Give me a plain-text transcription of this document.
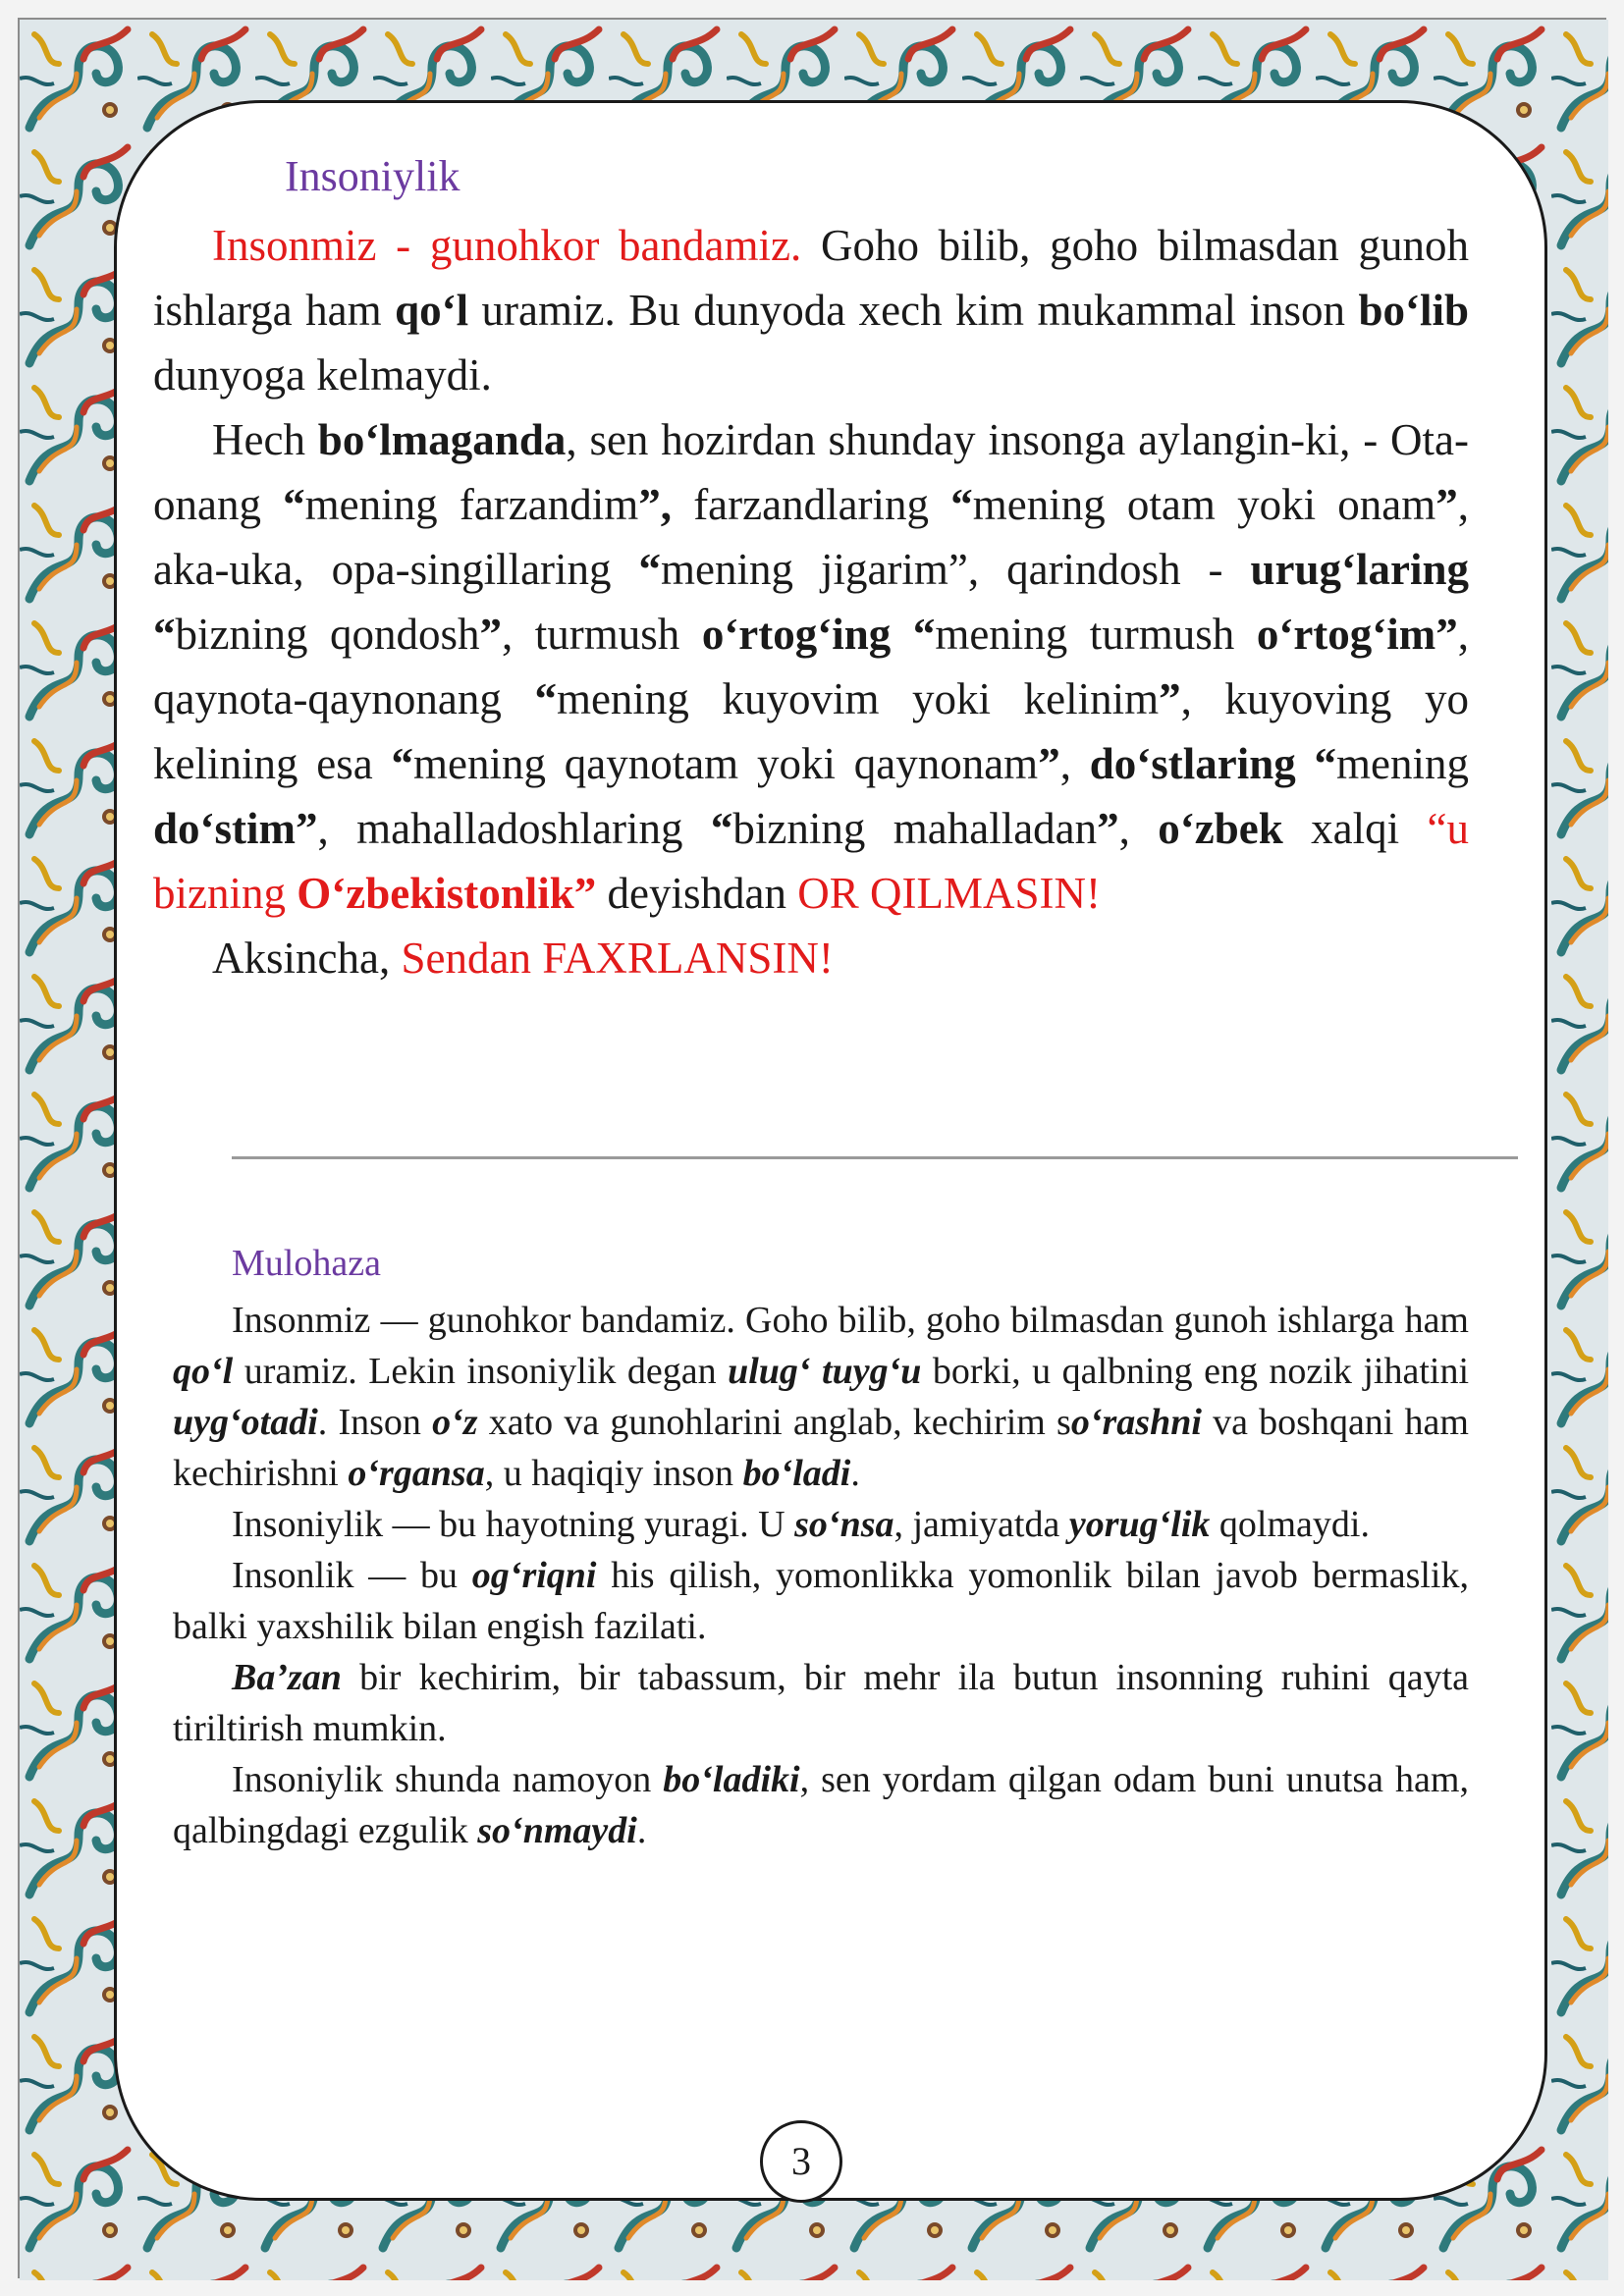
Insoniylik

Insonmiz - gunohkor bandamiz. Goho bilib, goho bilmasdan gunoh ishlarga ham qo‘l uramiz. Bu dunyoda xech kim mukammal inson bo‘lib dunyoga kelmaydi.

Hech bo‘lmaganda, sen hozirdan shunday insonga aylangin-ki, - Ota-onang “mening farzandim”, farzandlaring “mening otam yoki onam”, aka-uka, opa-singillaring “mening jigarim”, qarindosh - urug‘laring “bizning qondosh”, turmush o‘rtog‘ing “mening turmush o‘rtog‘im”, qaynota-qaynonang “mening kuyovim yoki kelinim”, kuyoving yo kelining esa “mening qaynotam yoki qaynonam”, do‘stlaring “mening do‘stim”, mahalladoshlaring “bizning mahalladan”, o‘zbek xalqi “u bizning O‘zbekistonlik” deyishdan OR QILMASIN!

Aksincha, Sendan FAXRLANSIN!

Mulohaza

Insonmiz — gunohkor bandamiz. Goho bilib, goho bilmasdan gunoh ishlarga ham qo‘l uramiz. Lekin insoniylik degan ulug‘ tuyg‘u borki, u qalbning eng nozik jihatini uyg‘otadi. Inson o‘z xato va gunohlarini anglab, kechirim so‘rashni va boshqani ham kechirishni o‘rgansa, u haqiqiy inson bo‘ladi.

Insoniylik — bu hayotning yuragi. U so‘nsa, jamiyatda yorug‘lik qolmaydi.

Insonlik — bu og‘riqni his qilish, yomonlikka yomonlik bilan javob bermaslik, balki yaxshilik bilan engish fazilati.

Ba’zan bir kechirim, bir tabassum, bir mehr ila butun insonning ruhini qayta tiriltirish mumkin.

Insoniylik shunda namoyon bo‘ladiki, sen yordam qilgan odam buni unutsa ham, qalbingdagi ezgulik so‘nmaydi.

3
